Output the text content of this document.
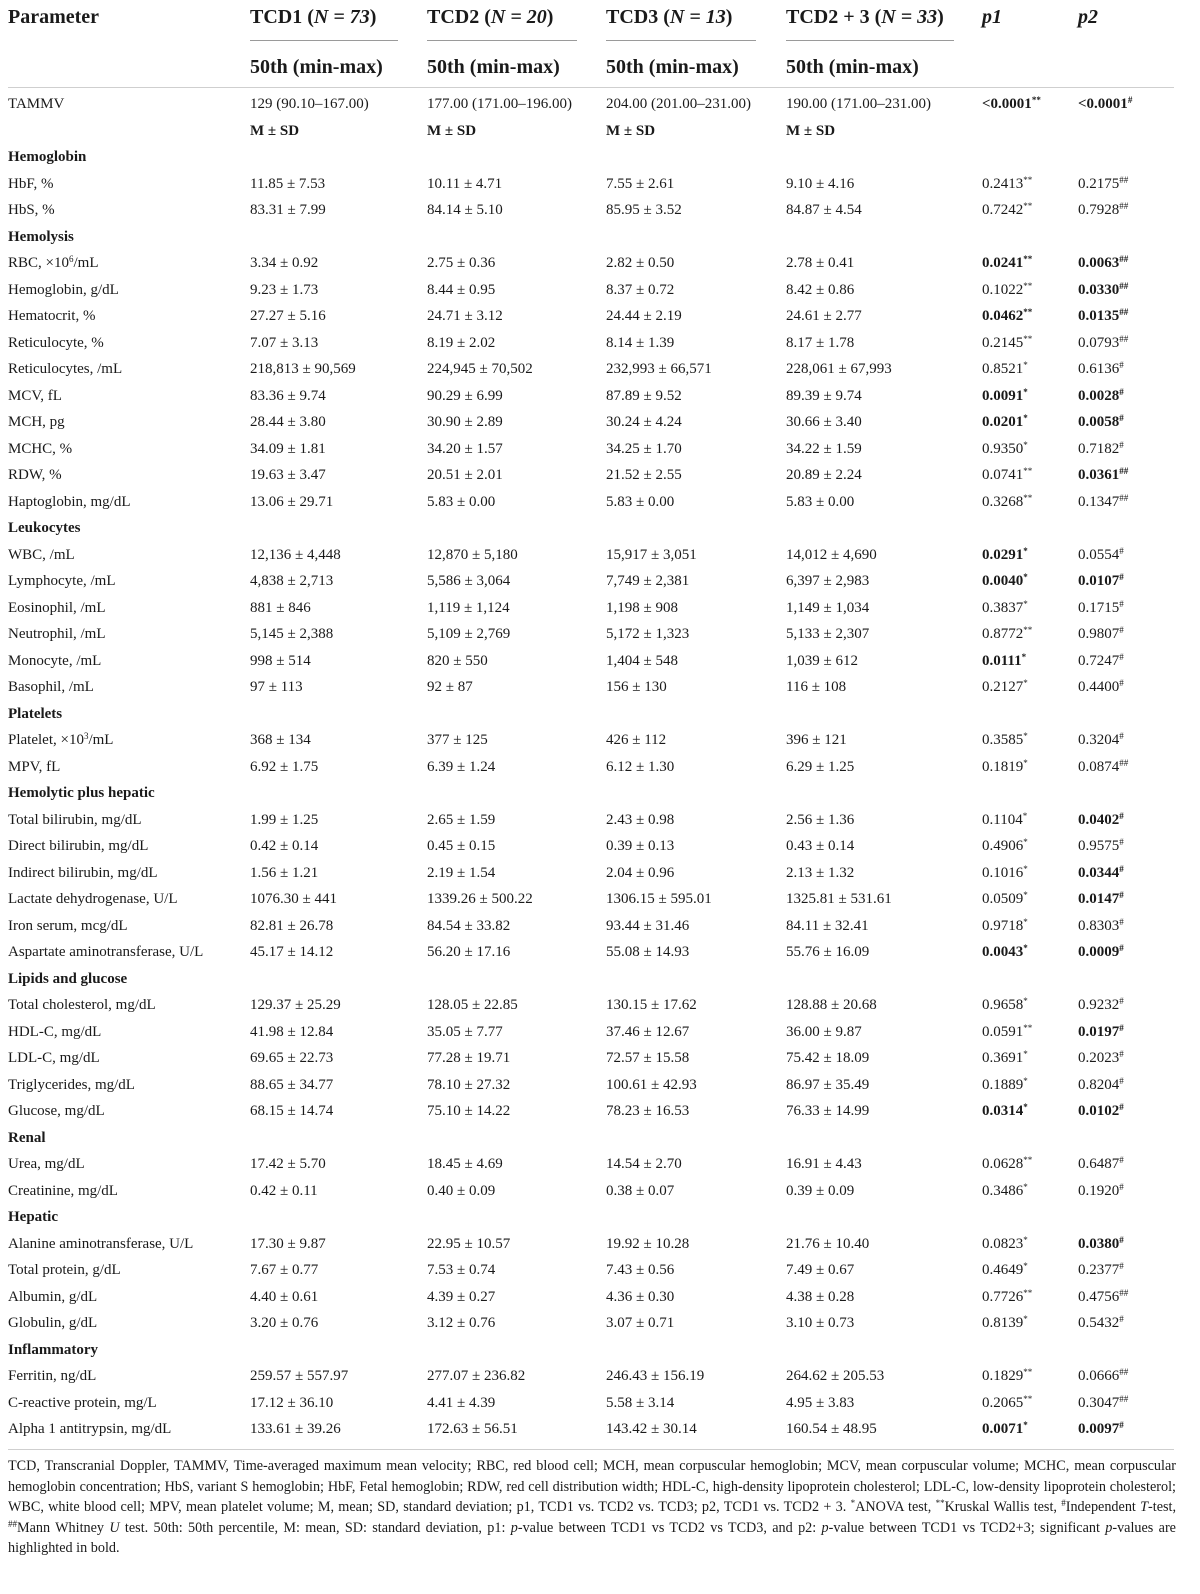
Parameter	TCD1 (N = 73)	TCD2 (N = 20)	TCD3 (N = 13)	TCD2 + 3 (N = 33) p1	p2
50th (min-max) 50th (min-max) 50th (min-max) 50th (min-max)
TAMMV	129 (90.10–167.00)	177.00 (171.00–196.00) 204.00 (201.00–231.00) 190.00 (171.00–231.00)	<0.0001** <0.0001#
M ± SD	M ± SD	M ± SD	M ± SD
Hemoglobin
HbF, %	11.85 ± 7.53	10.11 ± 4.71	7.55 ± 2.61	9.10 ± 4.16	0.2413**	0.2175##
HbS, %	83.31 ± 7.99	84.14 ± 5.10	85.95 ± 3.52	84.87 ± 4.54	0.7242**	0.7928##
Hemolysis
RBC, $\times 10^6/mL$	3.34 ± 0.92	2.75 ± 0.36	2.82 ± 0.50	2.78 ± 0.41	0.0241**	0.0063##
Hemoglobin, g/dL	9.23 ± 1.73	8.44 ± 0.95	8.37 ± 0.72	8.42 ± 0.86	0.1022**	0.0330##
Hematocrit, %	27.27 ± 5.16	24.71 ± 3.12	24.44 ± 2.19	24.61 ± 2.77	0.0462**	0.0135##
Reticulocyte, %	7.07 ± 3.13	8.19 ± 2.02	8.14 ± 1.39	8.17 ± 1.78	0.2145**	0.0793##
Reticulocytes, /mL	218,813 ± 90,569	224,945 ± 70,502	232,993 ± 66,571	228,061 ± 67,993	0.8521*	0.6136#
MCV, fL	83.36 ± 9.74	90.29 ± 6.99	87.89 ± 9.52	89.39 ± 9.74	0.0091*	0.0028#
MCH, pg	28.44 ± 3.80	30.90 ± 2.89	30.24 ± 4.24	30.66 ± 3.40	0.0201*	0.0058#
MCHC, %	34.09 ± 1.81	34.20 ± 1.57	34.25 ± 1.70	34.22 ± 1.59	0.9350*	0.7182#
RDW, %	19.63 ± 3.47	20.51 ± 2.01	21.52 ± 2.55	20.89 ± 2.24	0.0741**	0.0361##
Haptoglobin, mg/dL	13.06 ± 29.71	5.83 ± 0.00	5.83 ± 0.00	5.83 ± 0.00	0.3268**	0.1347##
Leukocytes
WBC, /mL	12,136 ± 4,448	12,870 ± 5,180	15,917 ± 3,051	14,012 ± 4,690	0.0291*	0.0554#
Lymphocyte, /mL	4,838 ± 2,713	5,586 ± 3,064	7,749 ± 2,381	6,397 ± 2,983	0.0040*	0.0107#
Eosinophil, /mL	881 ± 846	1,119 ± 1,124	1,198 ± 908	1,149 ± 1,034	0.3837*	0.1715#
Neutrophil, /mL	5,145 ± 2,388	5,109 ± 2,769	5,172 ± 1,323	5,133 ± 2,307	0.8772**	0.9807#
Monocyte, /mL	998 ± 514	820 ± 550	1,404 ± 548	1,039 ± 612	0.0111*	0.7247#
Basophil, /mL	97 ± 113	92 ± 87	156 ± 130	116 ± 108	0.2127*	0.4400#
Platelets
Platelet, $\times 10^3/mL$	368 ± 134	377 ± 125	426 ± 112	396 ± 121	0.3585*	0.3204#
MPV, fL	6.92 ± 1.75	6.39 ± 1.24	6.12 ± 1.30	6.29 ± 1.25	0.1819*	0.0874##
Hemolytic plus hepatic
Total bilirubin, mg/dL	1.99 ± 1.25	2.65 ± 1.59	2.43 ± 0.98	2.56 ± 1.36	0.1104*	0.0402#
Direct bilirubin, mg/dL	0.42 ± 0.14	0.45 ± 0.15	0.39 ± 0.13	0.43 ± 0.14	0.4906*	0.9575#
Indirect bilirubin, mg/dL	1.56 ± 1.21	2.19 ± 1.54	2.04 ± 0.96	2.13 ± 1.32	0.1016*	0.0344#
Lactate dehydrogenase, U/L	1076.30 ± 441	1339.26 ± 500.22	1306.15 ± 595.01	1325.81 ± 531.61	0.0509*	0.0147#
Iron serum, mcg/dL	82.81 ± 26.78	84.54 ± 33.82	93.44 ± 31.46	84.11 ± 32.41	0.9718*	0.8303#
Aspartate aminotransferase, U/L	45.17 ± 14.12	56.20 ± 17.16	55.08 ± 14.93	55.76 ± 16.09	0.0043*	0.0009#
Lipids and glucose
Total cholesterol, mg/dL	129.37 ± 25.29	128.05 ± 22.85	130.15 ± 17.62	128.88 ± 20.68	0.9658*	0.9232#
HDL-C, mg/dL	41.98 ± 12.84	35.05 ± 7.77	37.46 ± 12.67	36.00 ± 9.87	0.0591**	0.0197#
LDL-C, mg/dL	69.65 ± 22.73	77.28 ± 19.71	72.57 ± 15.58	75.42 ± 18.09	0.3691*	0.2023#
Triglycerides, mg/dL	88.65 ± 34.77	78.10 ± 27.32	100.61 ± 42.93	86.97 ± 35.49	0.1889*	0.8204#
Glucose, mg/dL	68.15 ± 14.74	75.10 ± 14.22	78.23 ± 16.53	76.33 ± 14.99	0.0314*	0.0102#
Renal
Urea, mg/dL	17.42 ± 5.70	18.45 ± 4.69	14.54 ± 2.70	16.91 ± 4.43	0.0628**	0.6487#
Creatinine, mg/dL	0.42 ± 0.11	0.40 ± 0.09	0.38 ± 0.07	0.39 ± 0.09	0.3486*	0.1920#
Hepatic
Alanine aminotransferase, U/L	17.30 ± 9.87	22.95 ± 10.57	19.92 ± 10.28	21.76 ± 10.40	0.0823*	0.0380#
Total protein, g/dL	7.67 ± 0.77	7.53 ± 0.74	7.43 ± 0.56	7.49 ± 0.67	0.4649*	0.2377#
Albumin, g/dL	4.40 ± 0.61	4.39 ± 0.27	4.36 ± 0.30	4.38 ± 0.28	0.7726**	0.4756##
Globulin, g/dL	3.20 ± 0.76	3.12 ± 0.76	3.07 ± 0.71	3.10 ± 0.73	0.8139*	0.5432#
Inflammatory
Ferritin, ng/dL	259.57 ± 557.97	277.07 ± 236.82	246.43 ± 156.19	264.62 ± 205.53	0.1829**	0.0666##
C-reactive protein, mg/L	17.12 ± 36.10	4.41 ± 4.39	5.58 ± 3.14	4.95 ± 3.83	0.2065**	0.3047##
Alpha 1 antitrypsin, mg/dL	133.61 ± 39.26	172.63 ± 56.51	143.42 ± 30.14	160.54 ± 48.95	0.0071*	0.0097#
TCD, Transcranial Doppler, TAMMV, Time-averaged maximum mean velocity; RBC, red blood cell; MCH, mean corpuscular hemoglobin; MCV, mean corpuscular volume; MCHC, mean corpuscular hemoglobin concentration; HbS, variant S hemoglobin; HbF, Fetal hemoglobin; RDW, red cell distribution width; HDL-C, high-density lipoprotein cholesterol; LDL-C, low-density lipoprotein cholesterol; WBC, white blood cell; MPV, mean platelet volume; M, mean; SD, standard deviation; p1, TCD1 vs. TCD2 vs. TCD3; p2, TCD1 vs. TCD2 + 3. *ANOVA test, **Kruskal Wallis test, #Independent T-test, ##Mann Whitney U test. 50th: 50th percentile, M: mean, SD: standard deviation, p1: p-value between TCD1 vs TCD2 vs TCD3, and p2: p-value between TCD1 vs TCD2+3; significant p-values are highlighted in bold.
